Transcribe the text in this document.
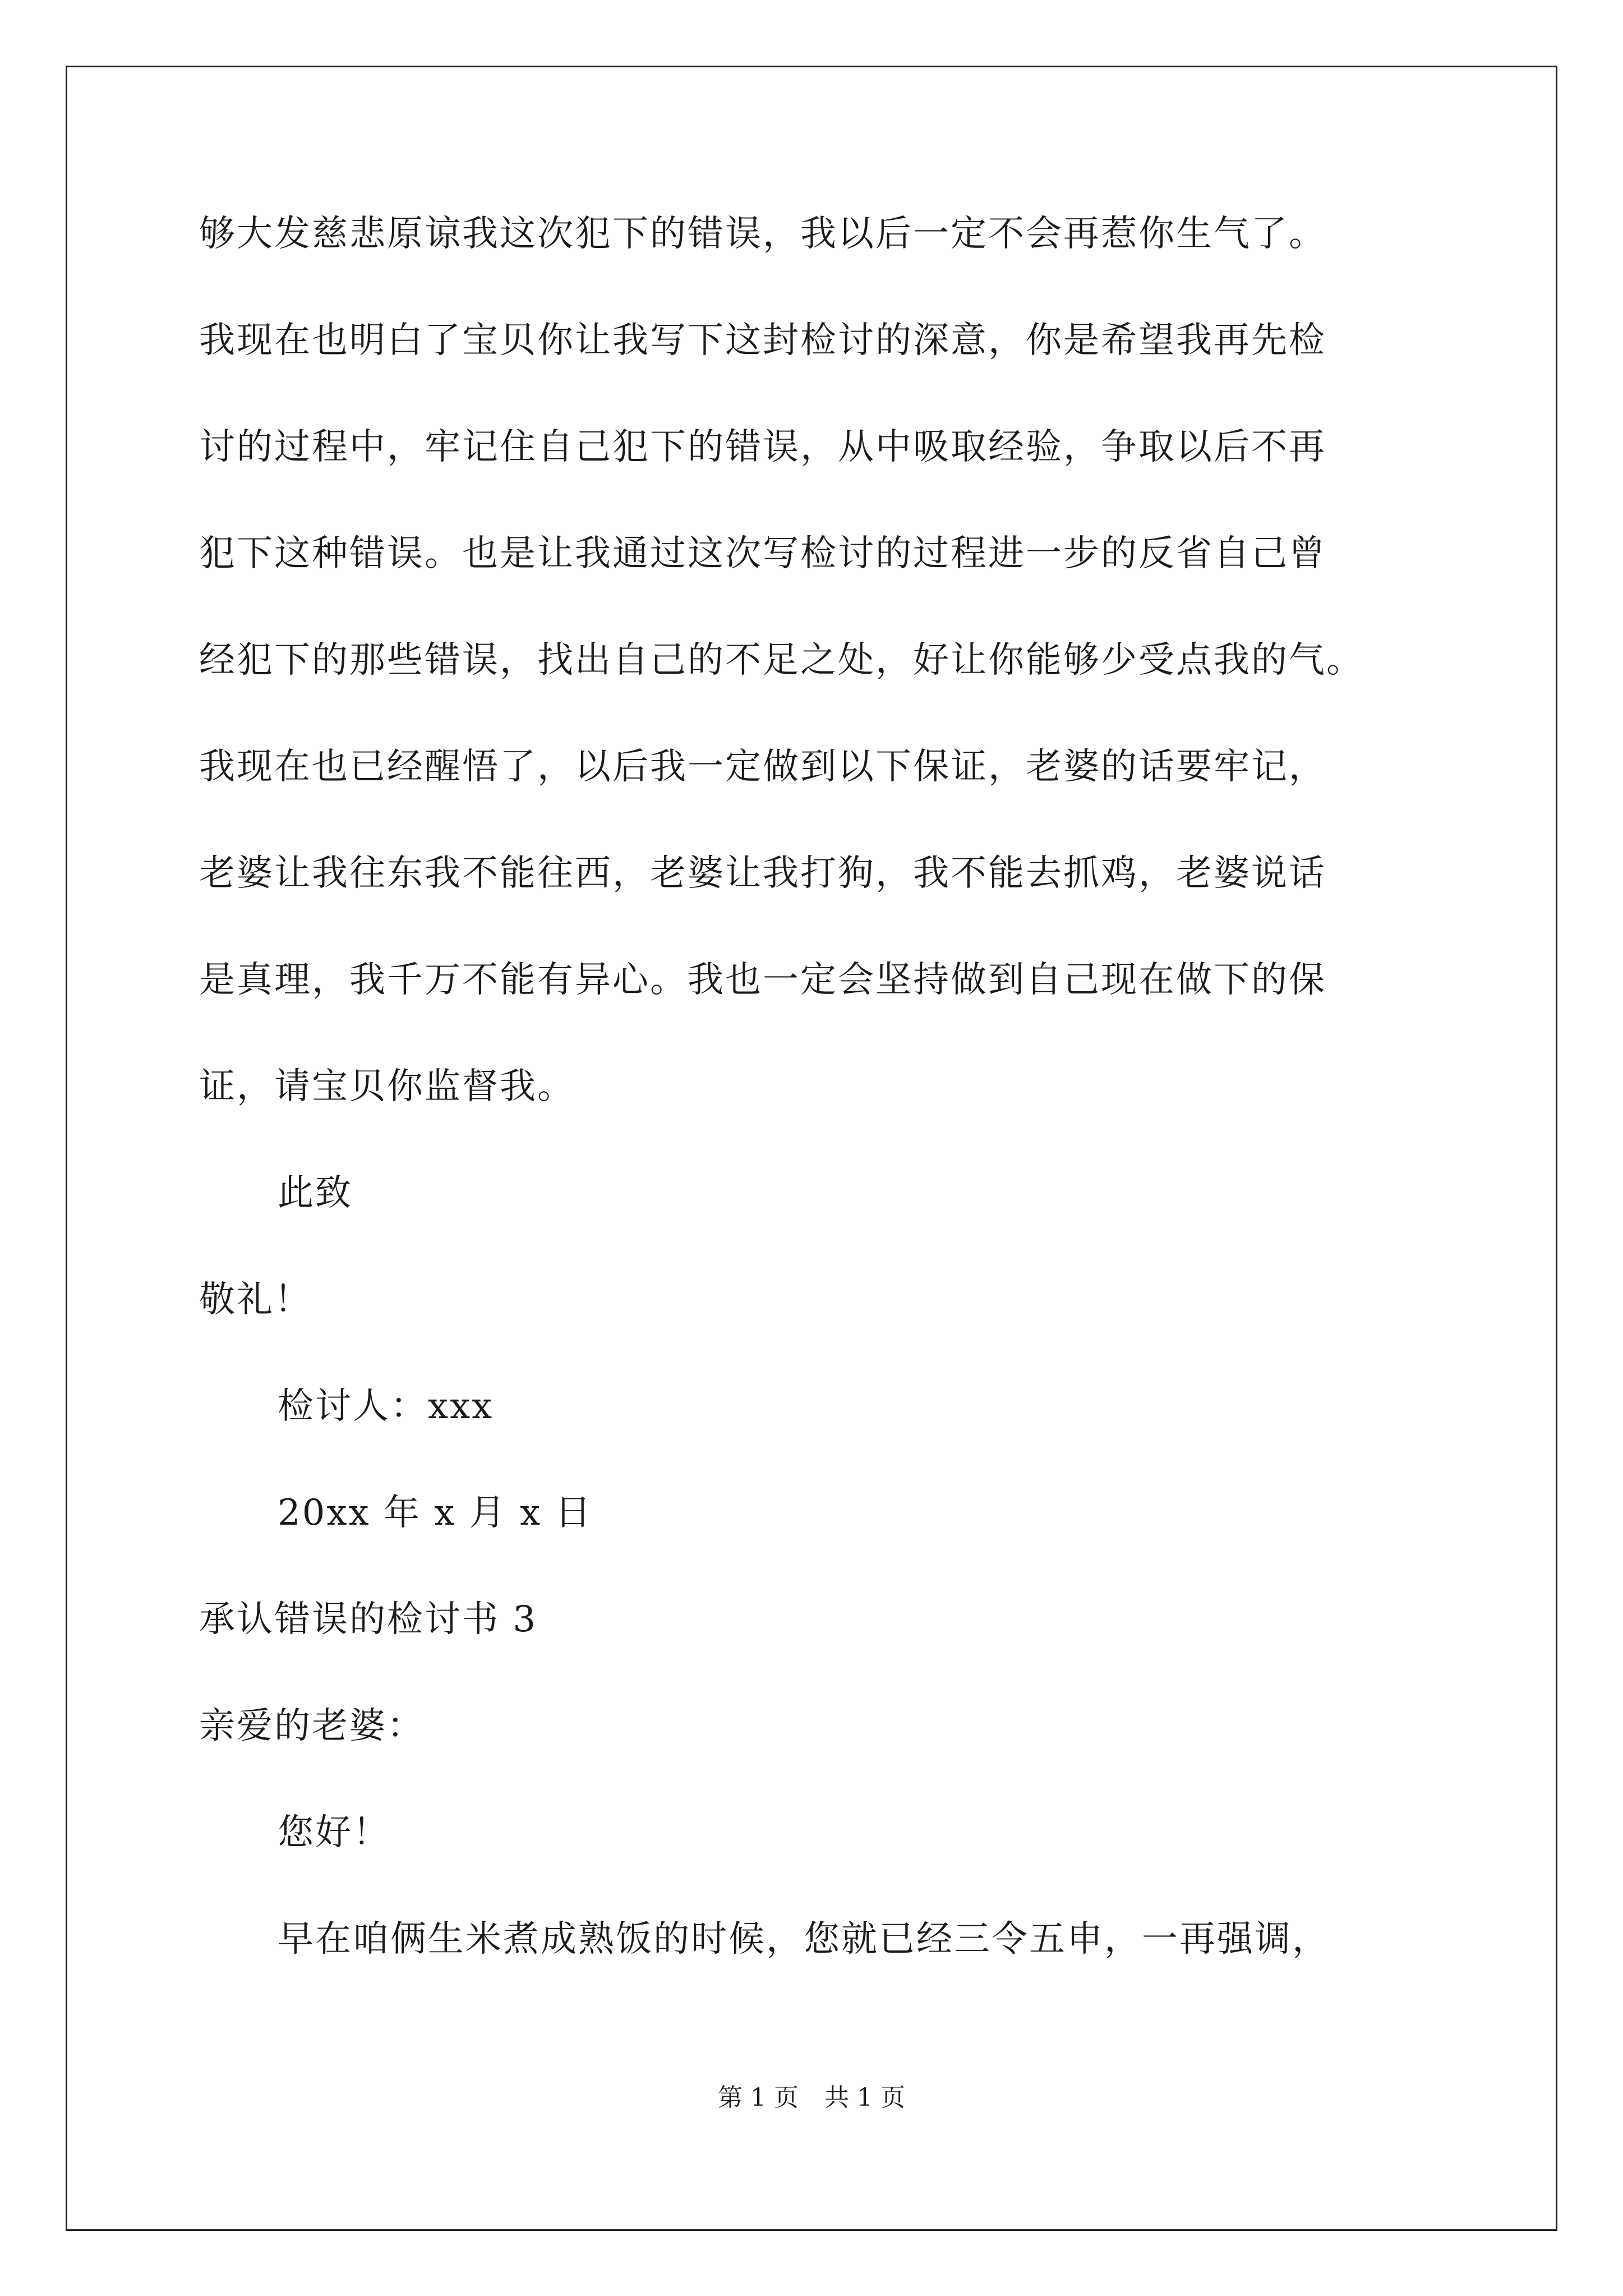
够大发慈悲原谅我这次犯下的错误，我以后一定不会再惹你生气了。
我现在也明白了宝贝你让我写下这封检讨的深意，你是希望我再先检
讨的过程中，牢记住自己犯下的错误，从中吸取经验，争取以后不再
犯下这种错误。也是让我通过这次写检讨的过程进一步的反省自己曾
经犯下的那些错误，找出自己的不足之处，好让你能够少受点我的气。
我现在也已经醒悟了，以后我一定做到以下保证，老婆的话要牢记，
老婆让我往东我不能往西，老婆让我打狗，我不能去抓鸡，老婆说话
是真理，我千万不能有异心。我也一定会坚持做到自己现在做下的保
证，请宝贝你监督我。
此致
敬礼！
检讨人：xxx
20xx 年 x 月 x 日
承认错误的检讨书 3
亲爱的老婆：
您好！
早在咱俩生米煮成熟饭的时候，您就已经三令五申，一再强调，
第 1 页 共 1 页
